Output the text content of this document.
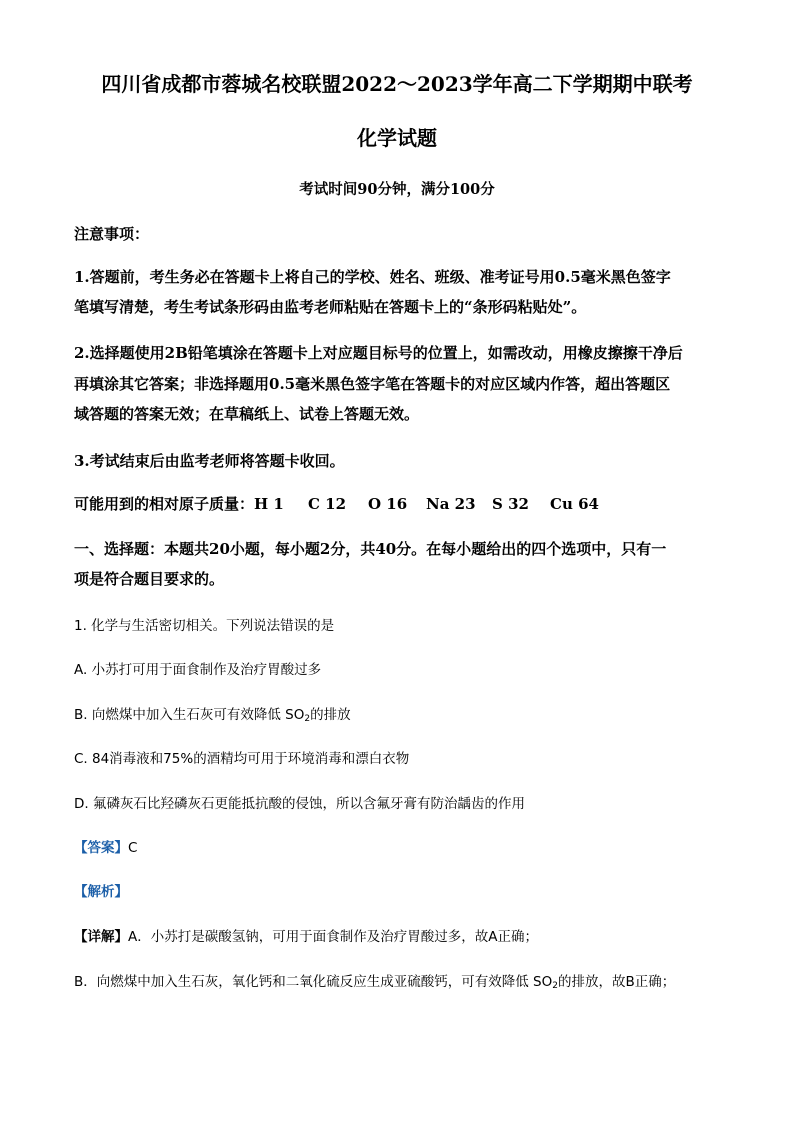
四川省成都市蓉城名校联盟2022～2023学年高二下学期期中联考
化学试题
考试时间90分钟，满分100分
注意事项：
1.答题前，考生务必在答题卡上将自己的学校、姓名、班级、准考证号用0.5毫米黑色签字
笔填写清楚，考生考试条形码由监考老师粘贴在答题卡上的“条形码粘贴处”。
2.选择题使用2B铅笔填涂在答题卡上对应题目标号的位置上，如需改动，用橡皮擦擦干净后
再填涂其它答案；非选择题用0.5毫米黑色签字笔在答题卡的对应区域内作答，超出答题区
域答题的答案无效；在草稿纸上、试卷上答题无效。
3.考试结束后由监考老师将答题卡收回。
可能用到的相对原子质量：H 1 C 12 O 16 Na 23 S 32 Cu 64
一、选择题：本题共20小题，每小题2分，共40分。在每小题给出的四个选项中，只有一
项是符合题目要求的。
1. 化学与生活密切相关。下列说法错误的是
A. 小苏打可用于面食制作及治疗胃酸过多
B. 向燃煤中加入生石灰可有效降低 $SO_2$的排放
C. 84消毒液和75%的酒精均可用于环境消毒和漂白衣物
D. 氟磷灰石比羟磷灰石更能抵抗酸的侵蚀，所以含氟牙膏有防治龋齿的作用
【答案】C
【解析】
【详解】A．小苏打是碳酸氢钠，可用于面食制作及治疗胃酸过多，故A正确；
B．向燃煤中加入生石灰，氧化钙和二氧化硫反应生成亚硫酸钙，可有效降低 $SO_2$的排放，故B正确；
